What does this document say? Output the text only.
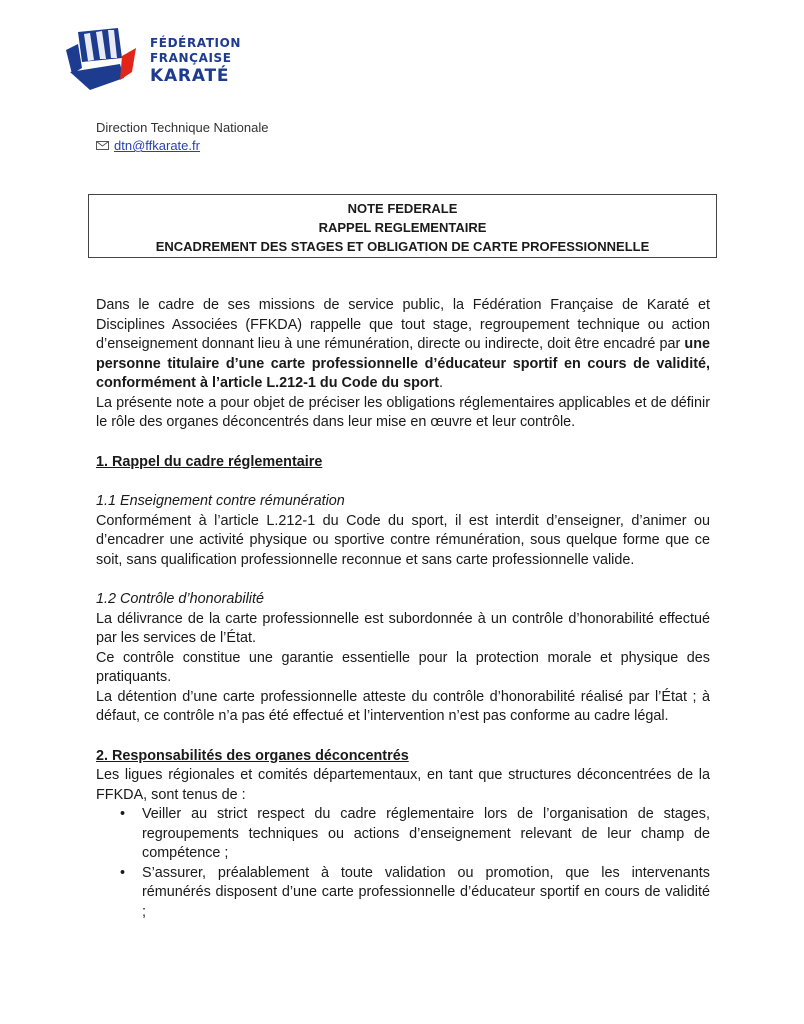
FÉDÉRATION
FRANÇAISE
KARATÉ
Direction Technique Nationale
dtn@ffkarate.fr
NOTE FEDERALE
RAPPEL REGLEMENTAIRE
ENCADREMENT DES STAGES ET OBLIGATION DE CARTE PROFESSIONNELLE

Dans le cadre de ses missions de service public, la Fédération Française de Karaté et Disciplines Associées (FFKDA) rappelle que tout stage, regroupement technique ou action d’enseignement donnant lieu à une rémunération, directe ou indirecte, doit être encadré par une personne titulaire d’une carte professionnelle d’éducateur sportif en cours de validité, conformément à l’article L.212-1 du Code du sport.

La présente note a pour objet de préciser les obligations réglementaires applicables et de définir le rôle des organes déconcentrés dans leur mise en œuvre et leur contrôle.

1. Rappel du cadre réglementaire

1.1 Enseignement contre rémunération

Conformément à l’article L.212-1 du Code du sport, il est interdit d’enseigner, d’animer ou d’encadrer une activité physique ou sportive contre rémunération, sous quelque forme que ce soit, sans qualification professionnelle reconnue et sans carte professionnelle valide.

1.2 Contrôle d’honorabilité

La délivrance de la carte professionnelle est subordonnée à un contrôle d’honorabilité effectué par les services de l’État.

Ce contrôle constitue une garantie essentielle pour la protection morale et physique des pratiquants.

La détention d’une carte professionnelle atteste du contrôle d’honorabilité réalisé par l’État ; à défaut, ce contrôle n’a pas été effectué et l’intervention n’est pas conforme au cadre légal.

2. Responsabilités des organes déconcentrés

Les ligues régionales et comités départementaux, en tant que structures déconcentrées de la FFKDA, sont tenus de :

• Veiller au strict respect du cadre réglementaire lors de l’organisation de stages, regroupements techniques ou actions d’enseignement relevant de leur champ de compétence ;
• S’assurer, préalablement à toute validation ou promotion, que les intervenants rémunérés disposent d’une carte professionnelle d’éducateur sportif en cours de validité ;
